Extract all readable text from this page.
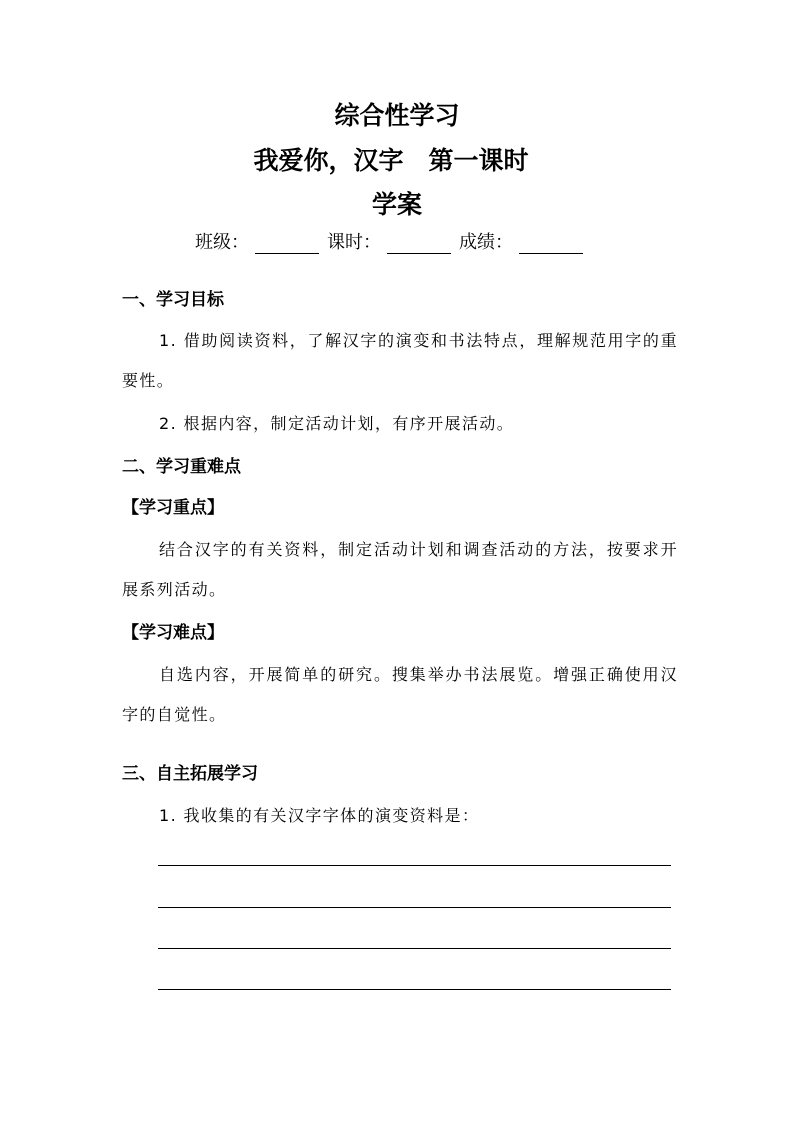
综合性学习
我爱你，汉字　第一课时
学案
班级：	课时：	成绩：
一、学习目标
1. 借助阅读资料，了解汉字的演变和书法特点，理解规范用字的重要性。
2. 根据内容，制定活动计划，有序开展活动。
二、学习重难点
【学习重点】
结合汉字的有关资料，制定活动计划和调查活动的方法，按要求开展系列活动。
【学习难点】
自选内容，开展简单的研究。搜集举办书法展览。增强正确使用汉字的自觉性。
三、自主拓展学习
1. 我收集的有关汉字字体的演变资料是：
